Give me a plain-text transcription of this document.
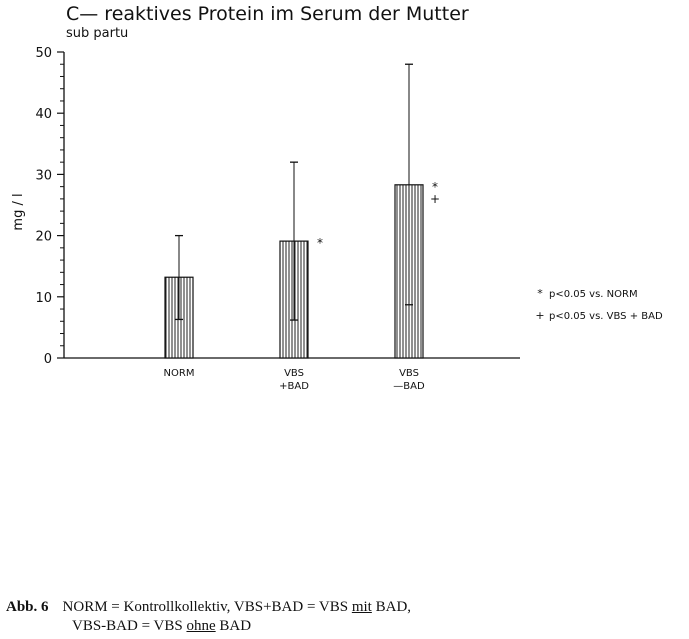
C— reaktives Protein im Serum der Mutter
sub partu
mg / l
0
10
20
30
40
50
*
*
+
NORM	VBS
+BAD
VBS
—BAD
* p<0.05 vs. NORM
+ p<0.05 vs. VBS + BAD
Abb. 6 NORM = Kontrollkollektiv, VBS+BAD = VBS mit BAD,
VBS-BAD = VBS ohne BAD
